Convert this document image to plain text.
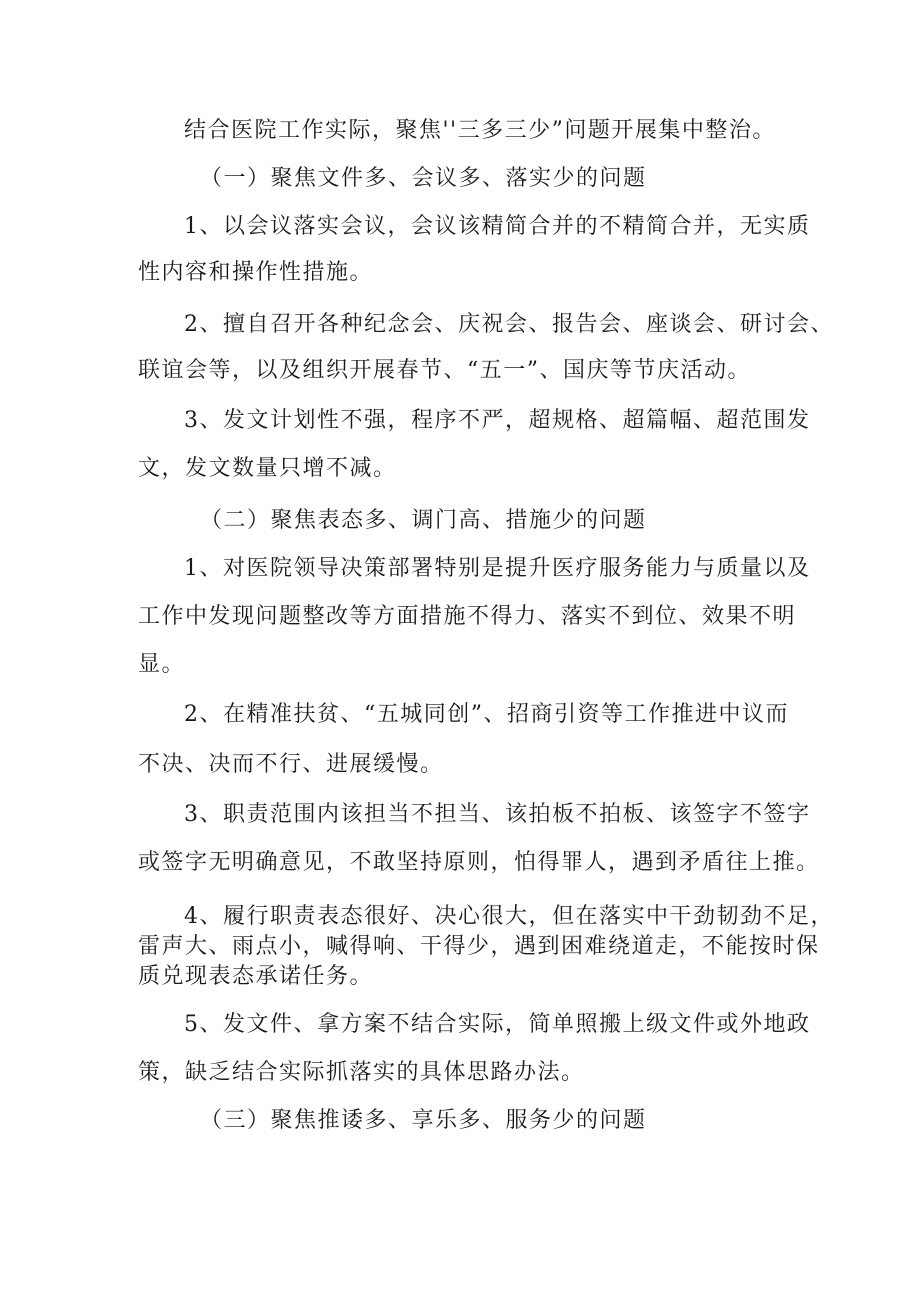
结合医院工作实际，聚焦''三多三少”问题开展集中整治。
（一）聚焦文件多、会议多、落实少的问题
1、以会议落实会议，会议该精简合并的不精简合并，无实质
性内容和操作性措施。
2、擅自召开各种纪念会、庆祝会、报告会、座谈会、研讨会、
联谊会等，以及组织开展春节、“五一”、国庆等节庆活动。
3、发文计划性不强，程序不严，超规格、超篇幅、超范围发
文，发文数量只增不减。
（二）聚焦表态多、调门高、措施少的问题
1、对医院领导决策部署特别是提升医疗服务能力与质量以及
工作中发现问题整改等方面措施不得力、落实不到位、效果不明
显。
2、在精准扶贫、“五城同创”、招商引资等工作推进中议而
不决、决而不行、进展缓慢。
3、职责范围内该担当不担当、该拍板不拍板、该签字不签字
或签字无明确意见，不敢坚持原则，怕得罪人，遇到矛盾往上推。
4、履行职责表态很好、决心很大，但在落实中干劲韧劲不足，
雷声大、雨点小，喊得响、干得少，遇到困难绕道走，不能按时保
质兑现表态承诺任务。
5、发文件、拿方案不结合实际，简单照搬上级文件或外地政
策，缺乏结合实际抓落实的具体思路办法。
（三）聚焦推诿多、享乐多、服务少的问题
